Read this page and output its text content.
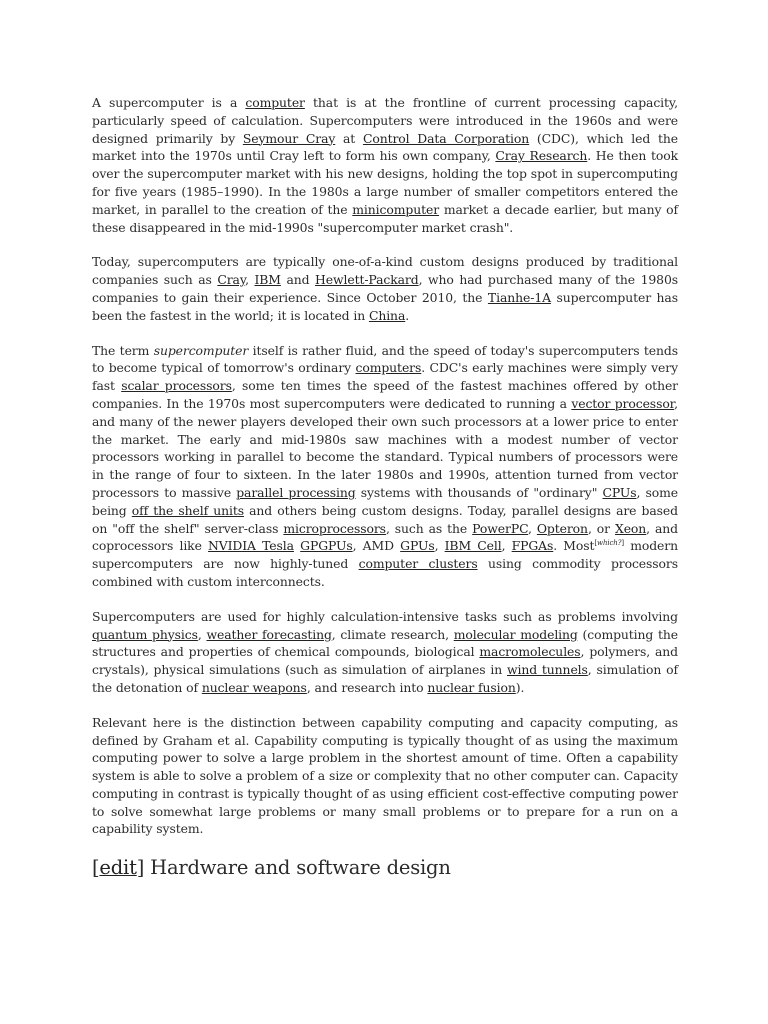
A supercomputer is a computer that is at the frontline of current processing capacity, particularly speed of calculation. Supercomputers were introduced in the 1960s and were designed primarily by Seymour Cray at Control Data Corporation (CDC), which led the market into the 1970s until Cray left to form his own company, Cray Research. He then took over the supercomputer market with his new designs, holding the top spot in supercomputing for five years (1985–1990). In the 1980s a large number of smaller competitors entered the market, in parallel to the creation of the minicomputer market a decade earlier, but many of these disappeared in the mid-1990s "supercomputer market crash".

Today, supercomputers are typically one-of-a-kind custom designs produced by traditional companies such as Cray, IBM and Hewlett-Packard, who had purchased many of the 1980s companies to gain their experience. Since October 2010, the Tianhe-1A supercomputer has been the fastest in the world; it is located in China.

The term supercomputer itself is rather fluid, and the speed of today's supercomputers tends to become typical of tomorrow's ordinary computers. CDC's early machines were simply very fast scalar processors, some ten times the speed of the fastest machines offered by other companies. In the 1970s most supercomputers were dedicated to running a vector processor, and many of the newer players developed their own such processors at a lower price to enter the market. The early and mid-1980s saw machines with a modest number of vector processors working in parallel to become the standard. Typical numbers of processors were in the range of four to sixteen. In the later 1980s and 1990s, attention turned from vector processors to massive parallel processing systems with thousands of "ordinary" CPUs, some being off the shelf units and others being custom designs. Today, parallel designs are based on "off the shelf" server-class microprocessors, such as the PowerPC, Opteron, or Xeon, and coprocessors like NVIDIA Tesla GPGPUs, AMD GPUs, IBM Cell, FPGAs. Most[which?] modern supercomputers are now highly-tuned computer clusters using commodity processors combined with custom interconnects.

Supercomputers are used for highly calculation-intensive tasks such as problems involving quantum physics, weather forecasting, climate research, molecular modeling (computing the structures and properties of chemical compounds, biological macromolecules, polymers, and crystals), physical simulations (such as simulation of airplanes in wind tunnels, simulation of the detonation of nuclear weapons, and research into nuclear fusion).

Relevant here is the distinction between capability computing and capacity computing, as defined by Graham et al. Capability computing is typically thought of as using the maximum computing power to solve a large problem in the shortest amount of time. Often a capability system is able to solve a problem of a size or complexity that no other computer can. Capacity computing in contrast is typically thought of as using efficient cost-effective computing power to solve somewhat large problems or many small problems or to prepare for a run on a capability system.

[edit] Hardware and software design
